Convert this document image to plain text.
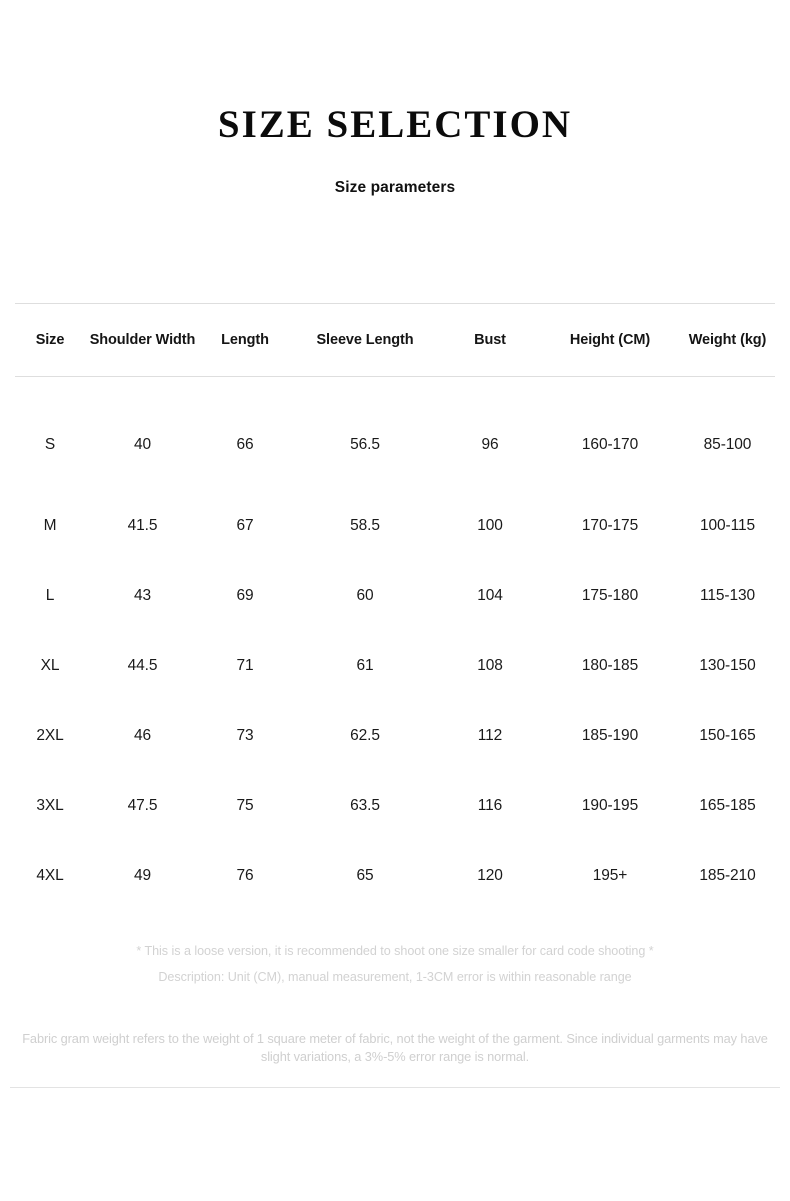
SIZE SELECTION
Size parameters
Size	Shoulder Width	Length	Sleeve Length	Bust	Height (CM)	Weight (kg)
S	40	66	56.5	96	160-170	85-100
M	41.5	67	58.5	100	170-175	100-115
L	43	69	60	104	175-180	115-130
XL	44.5	71	61	108	180-185	130-150
2XL	46	73	62.5	112	185-190	150-165
3XL	47.5	75	63.5	116	190-195	165-185
4XL	49	76	65	120	195+	185-210
* This is a loose version, it is recommended to shoot one size smaller for card code shooting *
Description: Unit (CM), manual measurement, 1-3CM error is within reasonable range
Fabric gram weight refers to the weight of 1 square meter of fabric, not the weight of the garment. Since individual garments may have slight variations, a 3%-5% error range is normal.
